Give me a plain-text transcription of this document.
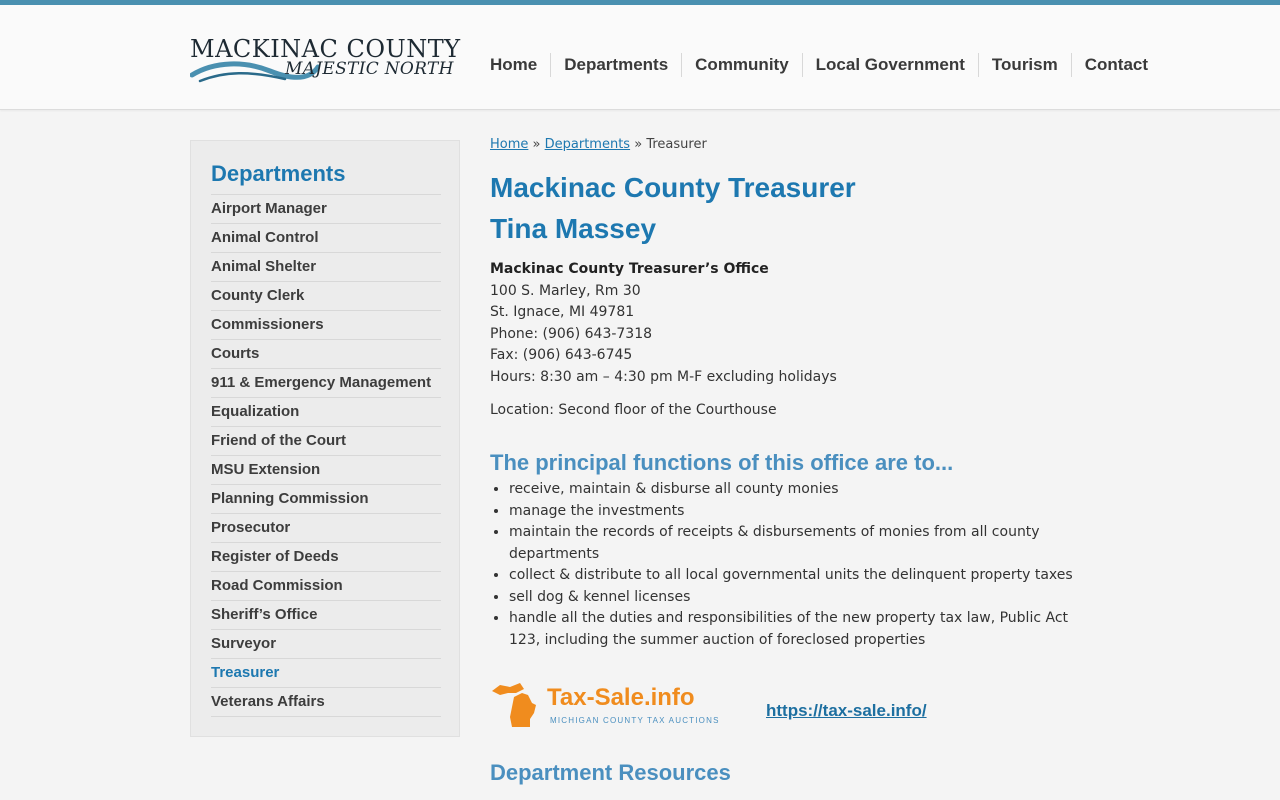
MACKINAC COUNTY
MAJESTIC NORTH	Home	Departments	Community	Local Government	Tourism	Contact
Departments
Airport Manager
Animal Control
Animal Shelter
County Clerk
Commissioners
Courts
911 & Emergency Management
Equalization
Friend of the Court
MSU Extension
Planning Commission
Prosecutor
Register of Deeds
Road Commission
Sheriff’s Office
Surveyor
Treasurer
Veterans Affairs
Home » Departments » Treasurer
Mackinac County Treasurer
Tina Massey
Mackinac County Treasurer’s Office
100 S. Marley, Rm 30
St. Ignace, MI 49781
Phone: (906) 643-7318
Fax: (906) 643-6745
Hours: 8:30 am – 4:30 pm M-F excluding holidays
Location: Second floor of the Courthouse
The principal functions of this office are to...
• receive, maintain & disburse all county monies
• manage the investments
• maintain the records of receipts & disbursements of monies from all county departments
• collect & distribute to all local governmental units the delinquent property taxes
• sell dog & kennel licenses
• handle all the duties and responsibilities of the new property tax law, Public Act 123, including the summer auction of foreclosed properties
Tax-Sale.info
MICHIGAN COUNTY TAX AUCTIONS
https://tax-sale.info/
Department Resources
